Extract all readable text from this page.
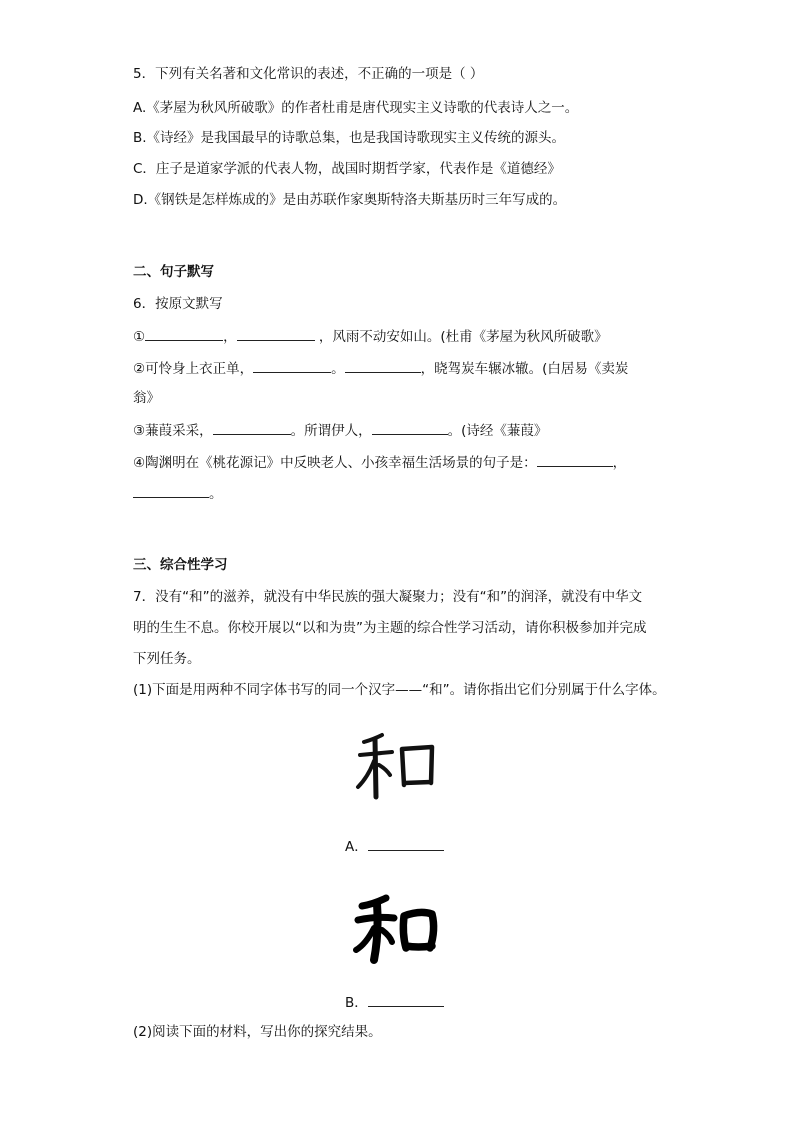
5．下列有关名著和文化常识的表述，不正确的一项是（ ）
A.《茅屋为秋风所破歌》的作者杜甫是唐代现实主义诗歌的代表诗人之一。
B.《诗经》是我国最早的诗歌总集，也是我国诗歌现实主义传统的源头。
C．庄子是道家学派的代表人物，战国时期哲学家，代表作是《道德经》
D.《钢铁是怎样炼成的》是由苏联作家奥斯特洛夫斯基历时三年写成的。
二、句子默写
6．按原文默写
①	，	，风雨不动安如山。(杜甫《茅屋为秋风所破歌》
②可怜身上衣正单，	。	，晓驾炭车辗冰辙。(白居易《卖炭
翁》
③蒹葭采采，	。所谓伊人，	。(诗经《蒹葭》
④陶渊明在《桃花源记》中反映老人、小孩幸福生活场景的句子是：	，
。
三、综合性学习
7．没有“和”的滋养，就没有中华民族的强大凝聚力；没有“和”的润泽，就没有中华文
明的生生不息。你校开展以“以和为贵”为主题的综合性学习活动，请你积极参加并完成
下列任务。
(1)下面是用两种不同字体书写的同一个汉字——“和”。请你指出它们分别属于什么字体。
A．
B．
(2)阅读下面的材料，写出你的探究结果。
